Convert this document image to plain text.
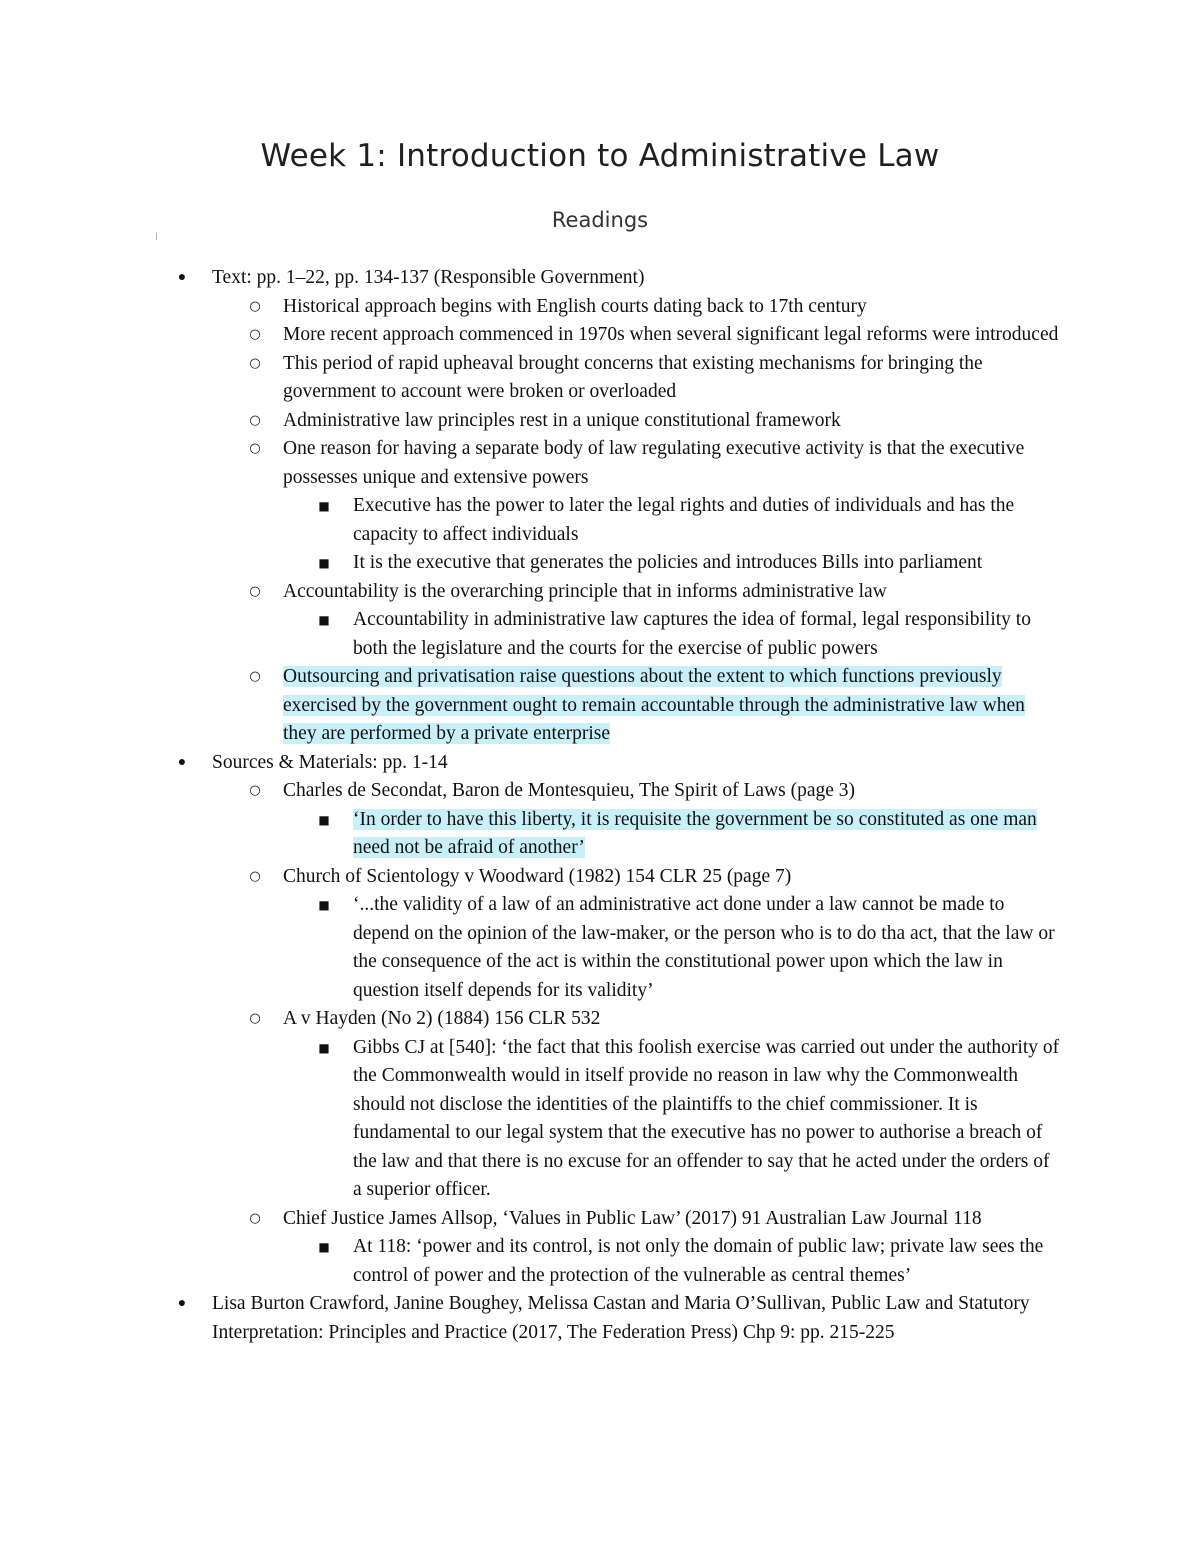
Week 1: Introduction to Administrative Law
Readings
● Text: pp. 1–22, pp. 134-137 (Responsible Government)
○ Historical approach begins with English courts dating back to 17th century
○ More recent approach commenced in 1970s when several significant legal reforms were introduced
○ This period of rapid upheaval brought concerns that existing mechanisms for bringing the government to account were broken or overloaded
○ Administrative law principles rest in a unique constitutional framework
○ One reason for having a separate body of law regulating executive activity is that the executive possesses unique and extensive powers
■ Executive has the power to later the legal rights and duties of individuals and has the capacity to affect individuals
■ It is the executive that generates the policies and introduces Bills into parliament
○ Accountability is the overarching principle that in informs administrative law
■ Accountability in administrative law captures the idea of formal, legal responsibility to both the legislature and the courts for the exercise of public powers
○ Outsourcing and privatisation raise questions about the extent to which functions previously exercised by the government ought to remain accountable through the administrative law when they are performed by a private enterprise
● Sources & Materials: pp. 1-14
○ Charles de Secondat, Baron de Montesquieu, The Spirit of Laws (page 3)
■ ‘In order to have this liberty, it is requisite the government be so constituted as one man need not be afraid of another’
○ Church of Scientology v Woodward (1982) 154 CLR 25 (page 7)
■ ‘...the validity of a law of an administrative act done under a law cannot be made to depend on the opinion of the law-maker, or the person who is to do tha act, that the law or the consequence of the act is within the constitutional power upon which the law in question itself depends for its validity’
○ A v Hayden (No 2) (1884) 156 CLR 532
■ Gibbs CJ at [540]: ‘the fact that this foolish exercise was carried out under the authority of the Commonwealth would in itself provide no reason in law why the Commonwealth should not disclose the identities of the plaintiffs to the chief commissioner. It is fundamental to our legal system that the executive has no power to authorise a breach of the law and that there is no excuse for an offender to say that he acted under the orders of a superior officer.
○ Chief Justice James Allsop, ‘Values in Public Law’ (2017) 91 Australian Law Journal 118
■ At 118: ‘power and its control, is not only the domain of public law; private law sees the control of power and the protection of the vulnerable as central themes’
● Lisa Burton Crawford, Janine Boughey, Melissa Castan and Maria O’Sullivan, Public Law and Statutory Interpretation: Principles and Practice (2017, The Federation Press) Chp 9: pp. 215-225
